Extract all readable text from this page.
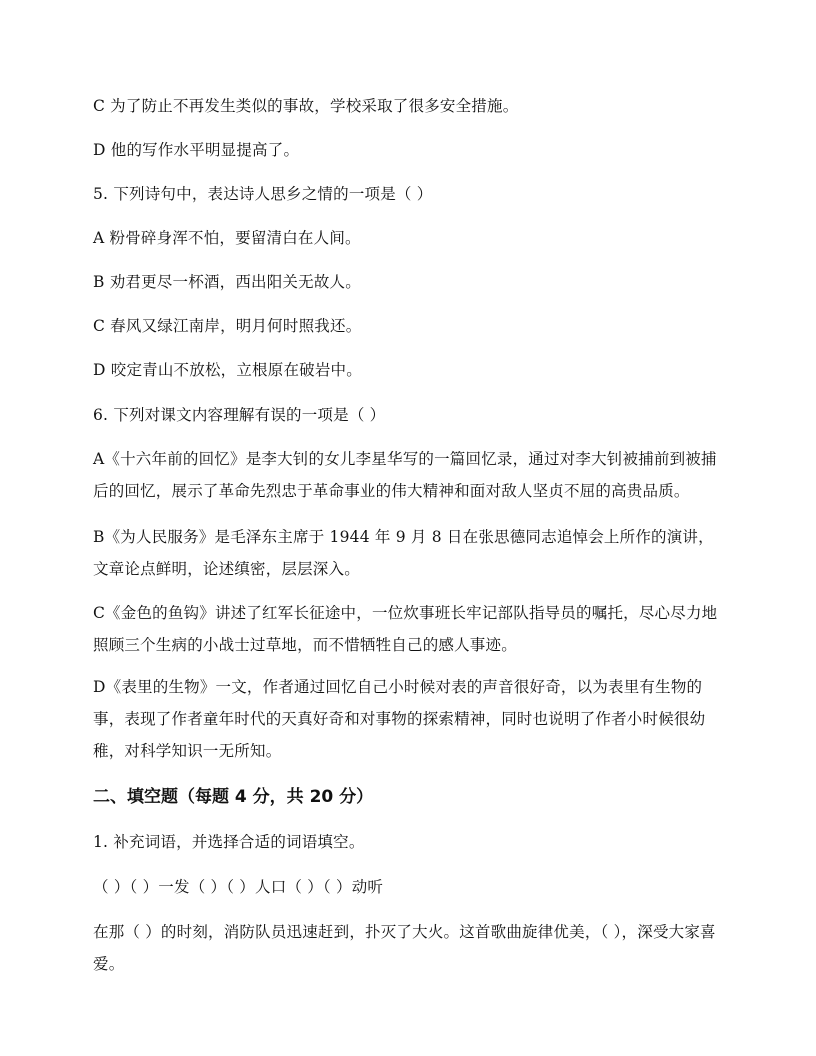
C 为了防止不再发生类似的事故，学校采取了很多安全措施。
D 他的写作水平明显提高了。
5. 下列诗句中，表达诗人思乡之情的一项是（ ）
A 粉骨碎身浑不怕，要留清白在人间。
B 劝君更尽一杯酒，西出阳关无故人。
C 春风又绿江南岸，明月何时照我还。
D 咬定青山不放松，立根原在破岩中。
6. 下列对课文内容理解有误的一项是（ ）
A《十六年前的回忆》是李大钊的女儿李星华写的一篇回忆录，通过对李大钊被捕前到被捕后的回忆，展示了革命先烈忠于革命事业的伟大精神和面对敌人坚贞不屈的高贵品质。
B《为人民服务》是毛泽东主席于 1944 年 9 月 8 日在张思德同志追悼会上所作的演讲，文章论点鲜明，论述缜密，层层深入。
C《金色的鱼钩》讲述了红军长征途中，一位炊事班长牢记部队指导员的嘱托，尽心尽力地照顾三个生病的小战士过草地，而不惜牺牲自己的感人事迹。
D《表里的生物》一文，作者通过回忆自己小时候对表的声音很好奇，以为表里有生物的事，表现了作者童年时代的天真好奇和对事物的探索精神，同时也说明了作者小时候很幼稚，对科学知识一无所知。
二、填空题（每题 4 分，共 20 分）
1. 补充词语，并选择合适的词语填空。
（ ）（ ）一发（ ）（ ）人口（ ）（ ）动听
在那（ ）的时刻，消防队员迅速赶到，扑灭了大火。这首歌曲旋律优美，（ ），深受大家喜爱。
